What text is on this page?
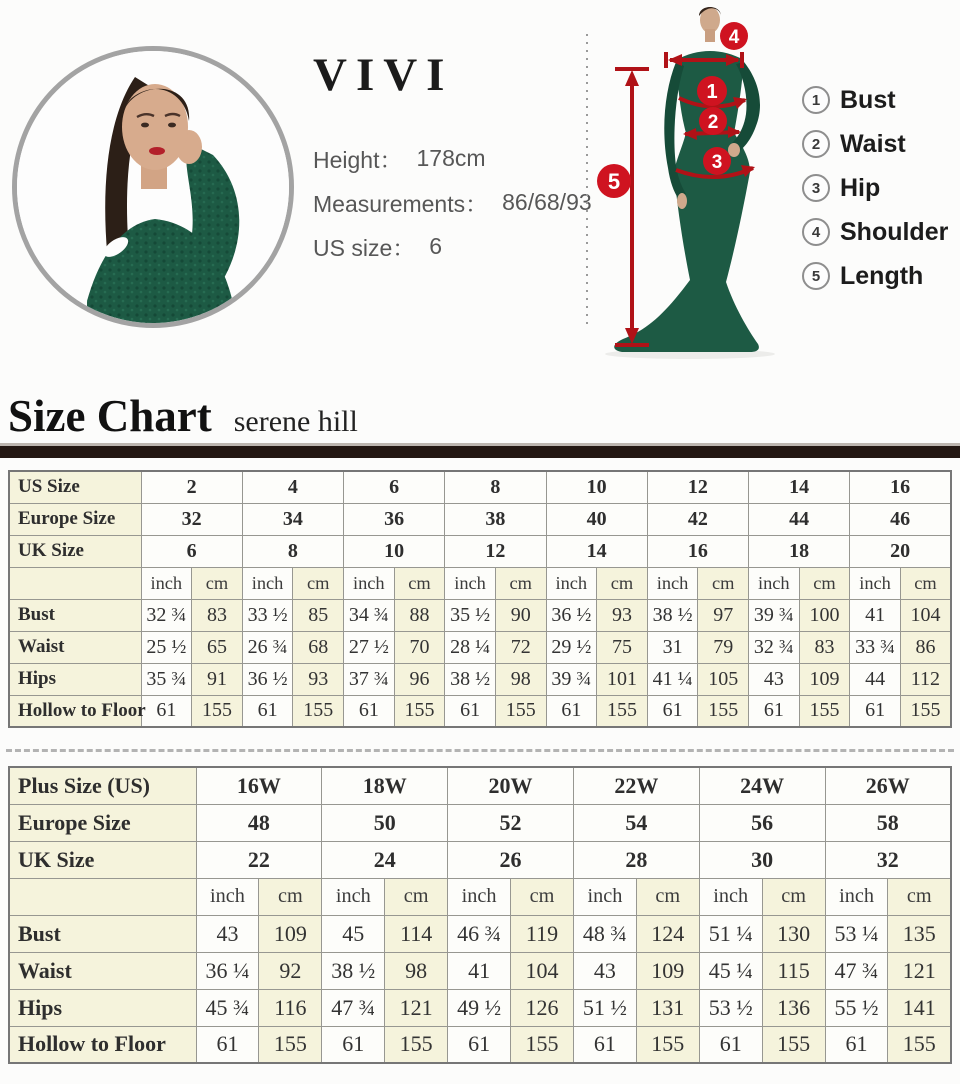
VIVI
Height： 178cm
Measurements： 86/68/93
US size： 6
1
2
3
4
5
1 Bust
2 Waist
3 Hip
4 Shoulder
5 Length
Size Chart serene hill
US Size	2		4		6		8		10		12		14		16	
Europe Size	32		34		36		38		40		42		44		46	
UK Size	6		8		10		12		14		16		18		20	
	inch	cm	inch	cm	inch	cm	inch	cm	inch	cm	inch	cm	inch	cm	inch	cm
Bust	32 ¾	83	33 ½	85	34 ¾	88	35 ½	90	36 ½	93	38 ½	97	39 ¾	100	41	104
Waist	25 ½	65	26 ¾	68	27 ½	70	28 ¼	72	29 ½	75	31	79	32 ¾	83	33 ¾	86
Hips	35 ¾	91	36 ½	93	37 ¾	96	38 ½	98	39 ¾	101	41 ¼	105	43	109	44	112
Hollow to Floor	61	155	61	155	61	155	61	155	61	155	61	155	61	155	61	155
Plus Size (US)	16W		18W		20W		22W		24W		26W	
Europe Size	48		50		52		54		56		58	
UK Size	22		24		26		28		30		32	
	inch	cm	inch	cm	inch	cm	inch	cm	inch	cm	inch	cm
Bust	43	109	45	114	46 ¾	119	48 ¾	124	51 ¼	130	53 ¼	135
Waist	36 ¼	92	38 ½	98	41	104	43	109	45 ¼	115	47 ¾	121
Hips	45 ¾	116	47 ¾	121	49 ½	126	51 ½	131	53 ½	136	55 ½	141
Hollow to Floor	61	155	61	155	61	155	61	155	61	155	61	155
